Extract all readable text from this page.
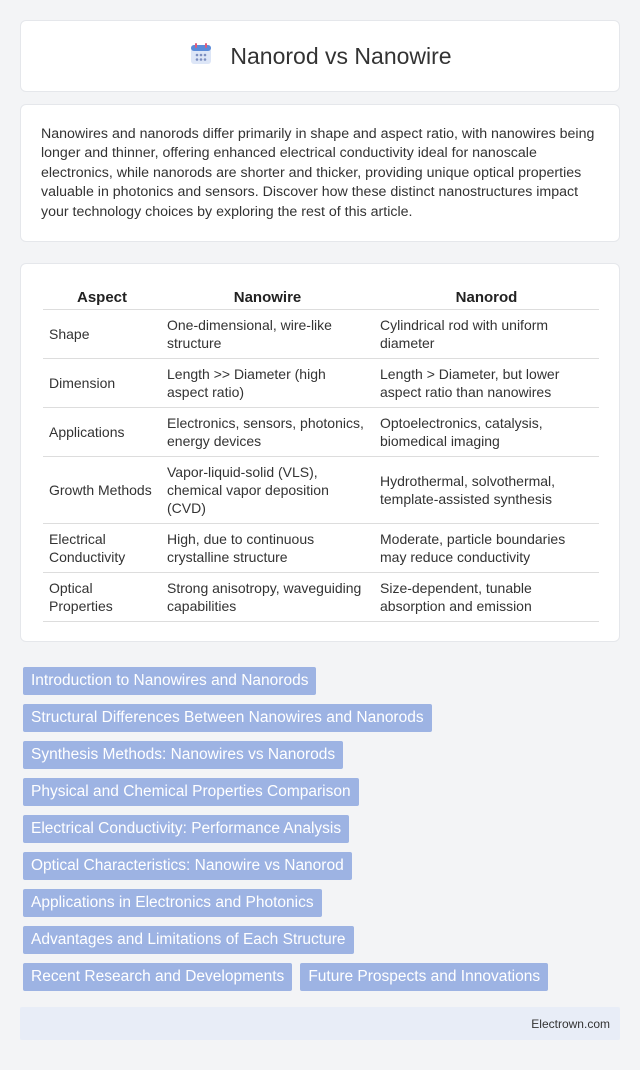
Nanorod vs Nanowire

Nanowires and nanorods differ primarily in shape and aspect ratio, with nanowires being longer and thinner, offering enhanced electrical conductivity ideal for nanoscale electronics, while nanorods are shorter and thicker, providing unique optical properties valuable in photonics and sensors. Discover how these distinct nanostructures impact your technology choices by exploring the rest of this article.

Aspect	Nanowire	Nanorod
Shape	One-dimensional, wire-like structure	Cylindrical rod with uniform diameter
Dimension	Length >> Diameter (high aspect ratio)	Length > Diameter, but lower aspect ratio than nanowires
Applications	Electronics, sensors, photonics, energy devices	Optoelectronics, catalysis, biomedical imaging
Growth Methods	Vapor-liquid-solid (VLS), chemical vapor deposition (CVD)	Hydrothermal, solvothermal, template-assisted synthesis
Electrical Conductivity	High, due to continuous crystalline structure	Moderate, particle boundaries may reduce conductivity
Optical Properties	Strong anisotropy, waveguiding capabilities	Size-dependent, tunable absorption and emission
Introduction to Nanowires and Nanorods
Structural Differences Between Nanowires and Nanorods
Synthesis Methods: Nanowires vs Nanorods
Physical and Chemical Properties Comparison
Electrical Conductivity: Performance Analysis
Optical Characteristics: Nanowire vs Nanorod
Applications in Electronics and Photonics
Advantages and Limitations of Each Structure
Recent Research and Developments	Future Prospects and Innovations
Electrown.com
